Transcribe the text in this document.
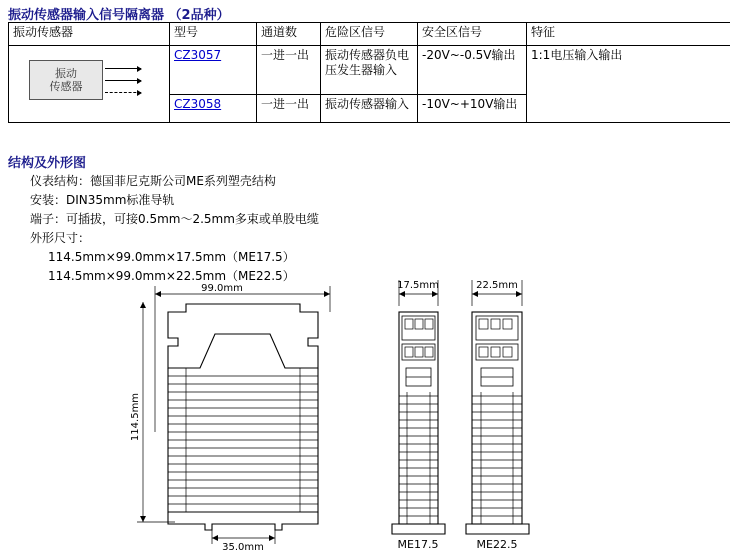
振动传感器输入信号隔离器 （2品种）
振动传感器	型号	通道数	危险区信号	安全区信号	特征

振动
传感器	CZ3057	一进一出	振动传感器负电压发生器输入	-20V~-0.5V输出	1:1电压输入输出
	CZ3058	一进一出	振动传感器输入	-10V~+10V输出	
结构及外形图
仪表结构：德国菲尼克斯公司ME系列塑壳结构
安装：DIN35mm标准导轨
端子：可插拔，可接0.5mm～2.5mm多束或单股电缆
外形尺寸：
114.5mm×99.0mm×17.5mm（ME17.5）
114.5mm×99.0mm×22.5mm（ME22.5）
99.0mm
114.5mm
35.0mm
17.5mm	22.5mm
ME17.5	ME22.5
